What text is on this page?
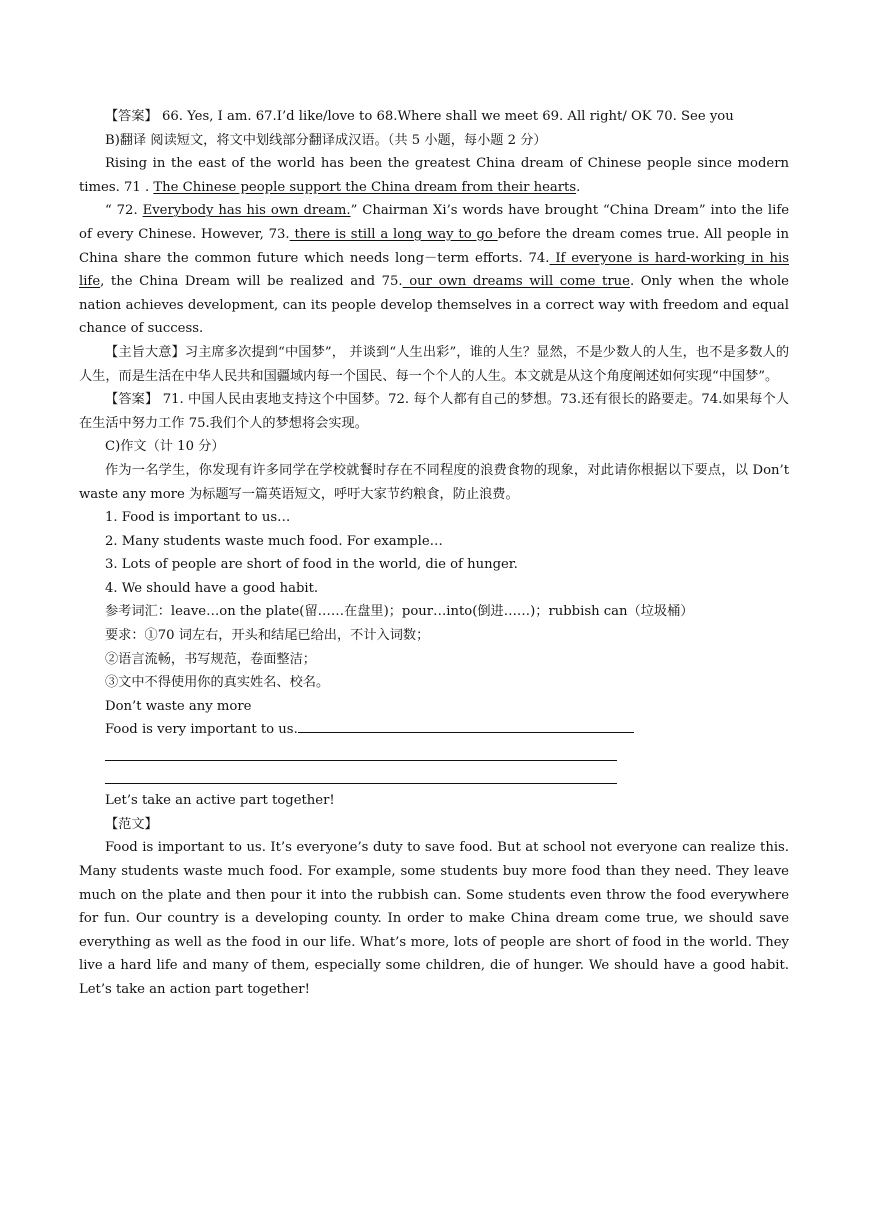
【答案】 66. Yes, I am. 67.I’d like/love to 68.Where shall we meet 69. All right/ OK 70. See you

B)翻译 阅读短文，将文中划线部分翻译成汉语。（共 5 小题，每小题 2 分）

Rising in the east of the world has been the greatest China dream of Chinese people since modern times. 71 . The Chinese people support the China dream from their hearts.

“ 72. Everybody has his own dream.” Chairman Xi’s words have brought “China Dream” into the life of every Chinese. However, 73. there is still a long way to go before the dream comes true. All people in China share the common future which needs long－term efforts. 74. If everyone is hard-working in his life, the China Dream will be realized and 75. our own dreams will come true. Only when the whole nation achieves development, can its people develop themselves in a correct way with freedom and equal chance of success.

【主旨大意】习主席多次提到“中国梦”， 并谈到“人生出彩”，谁的人生？显然，不是少数人的人生，也不是多数人的人生，而是生活在中华人民共和国疆域内每一个国民、每一个个人的人生。本文就是从这个角度阐述如何实现“中国梦”。

【答案】 71. 中国人民由衷地支持这个中国梦。72. 每个人都有自己的梦想。73.还有很长的路要走。74.如果每个人在生活中努力工作 75.我们个人的梦想将会实现。

C)作文（计 10 分）

作为一名学生，你发现有许多同学在学校就餐时存在不同程度的浪费食物的现象，对此请你根据以下要点，以 Don’t waste any more 为标题写一篇英语短文，呼吁大家节约粮食，防止浪费。

1. Food is important to us…

2. Many students waste much food. For example…

3. Lots of people are short of food in the world, die of hunger.

4. We should have a good habit.

参考词汇：leave…on the plate(留……在盘里)；pour…into(倒进……)；rubbish can（垃圾桶）

要求：①70 词左右，开头和结尾已给出，不计入词数；

②语言流畅，书写规范，卷面整洁；

③文中不得使用你的真实姓名、校名。

Don’t waste any more

Food is very important to us.

Let’s take an active part together!

【范文】

Food is important to us. It’s everyone’s duty to save food. But at school not everyone can realize this. Many students waste much food. For example, some students buy more food than they need. They leave much on the plate and then pour it into the rubbish can. Some students even throw the food everywhere for fun. Our country is a developing county. In order to make China dream come true, we should save everything as well as the food in our life. What’s more, lots of people are short of food in the world. They live a hard life and many of them, especially some children, die of hunger. We should have a good habit. Let’s take an action part together!
